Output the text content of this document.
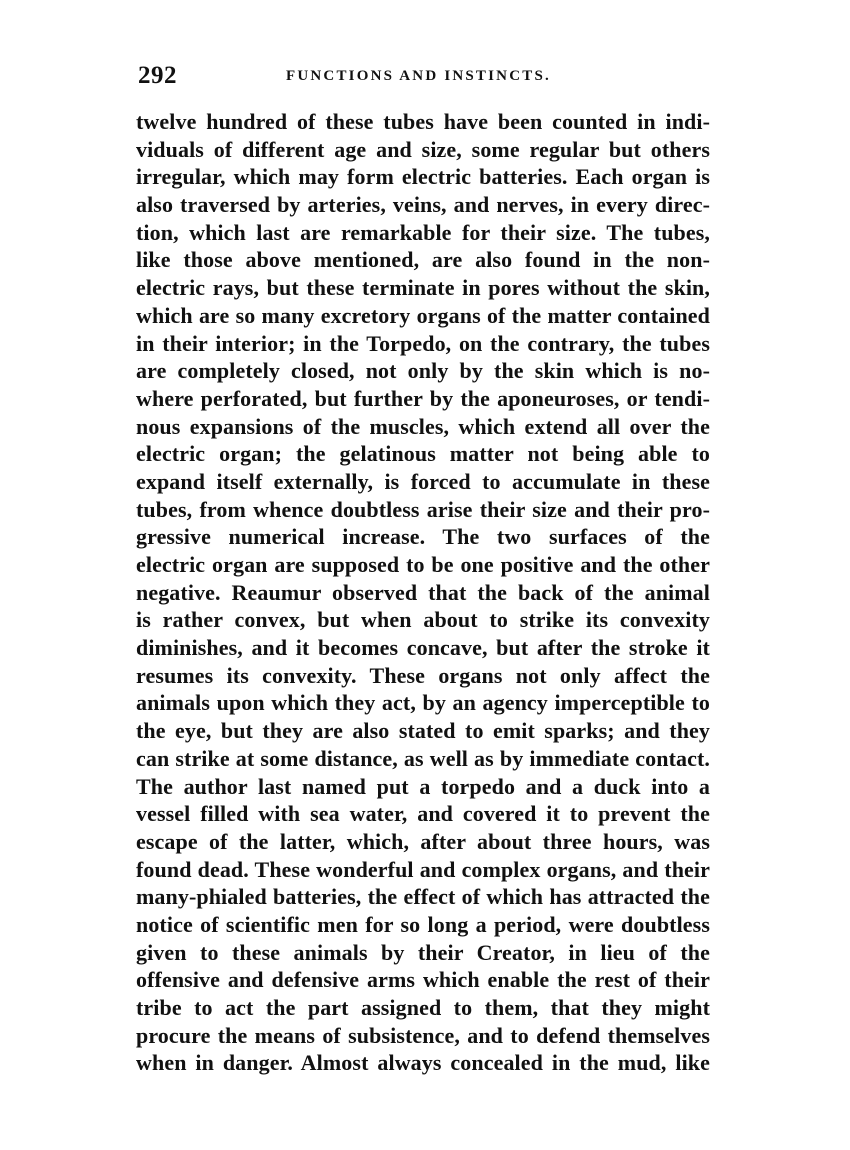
292	FUNCTIONS AND INSTINCTS.
twelve hundred of these tubes have been counted in indi-
viduals of different age and size, some regular but others
irregular, which may form electric batteries. Each organ is
also traversed by arteries, veins, and nerves, in every direc-
tion, which last are remarkable for their size. The tubes,
like those above mentioned, are also found in the non-
electric rays, but these terminate in pores without the skin,
which are so many excretory organs of the matter contained
in their interior; in the Torpedo, on the contrary, the tubes
are completely closed, not only by the skin which is no-
where perforated, but further by the aponeuroses, or tendi-
nous expansions of the muscles, which extend all over the
electric organ; the gelatinous matter not being able to
expand itself externally, is forced to accumulate in these
tubes, from whence doubtless arise their size and their pro-
gressive numerical increase. The two surfaces of the
electric organ are supposed to be one positive and the other
negative. Reaumur observed that the back of the animal
is rather convex, but when about to strike its convexity
diminishes, and it becomes concave, but after the stroke it
resumes its convexity. These organs not only affect the
animals upon which they act, by an agency imperceptible to
the eye, but they are also stated to emit sparks; and they
can strike at some distance, as well as by immediate contact.
The author last named put a torpedo and a duck into a
vessel filled with sea water, and covered it to prevent the
escape of the latter, which, after about three hours, was
found dead. These wonderful and complex organs, and their
many-phialed batteries, the effect of which has attracted the
notice of scientific men for so long a period, were doubtless
given to these animals by their Creator, in lieu of the
offensive and defensive arms which enable the rest of their
tribe to act the part assigned to them, that they might
procure the means of subsistence, and to defend themselves
when in danger. Almost always concealed in the mud, like
